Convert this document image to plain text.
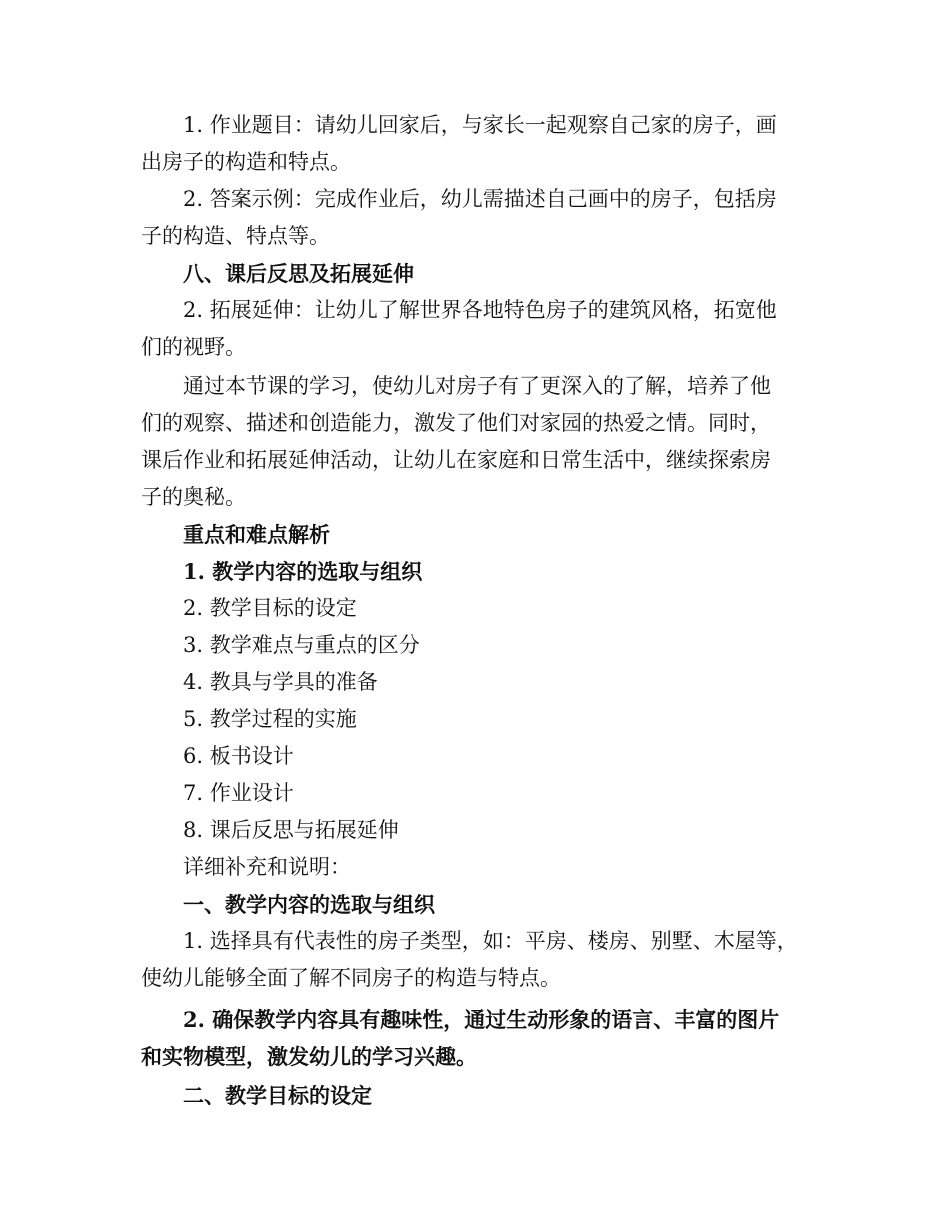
1. 作业题目：请幼儿回家后，与家长一起观察自己家的房子，画
出房子的构造和特点。
2. 答案示例：完成作业后，幼儿需描述自己画中的房子，包括房
子的构造、特点等。
八、课后反思及拓展延伸
2. 拓展延伸：让幼儿了解世界各地特色房子的建筑风格，拓宽他
们的视野。
通过本节课的学习，使幼儿对房子有了更深入的了解，培养了他
们的观察、描述和创造能力，激发了他们对家园的热爱之情。同时，
课后作业和拓展延伸活动，让幼儿在家庭和日常生活中，继续探索房
子的奥秘。
重点和难点解析
1. 教学内容的选取与组织
2. 教学目标的设定
3. 教学难点与重点的区分
4. 教具与学具的准备
5. 教学过程的实施
6. 板书设计
7. 作业设计
8. 课后反思与拓展延伸
详细补充和说明：
一、教学内容的选取与组织
1. 选择具有代表性的房子类型，如：平房、楼房、别墅、木屋等，
使幼儿能够全面了解不同房子的构造与特点。
2. 确保教学内容具有趣味性，通过生动形象的语言、丰富的图片
和实物模型，激发幼儿的学习兴趣。
二、教学目标的设定
